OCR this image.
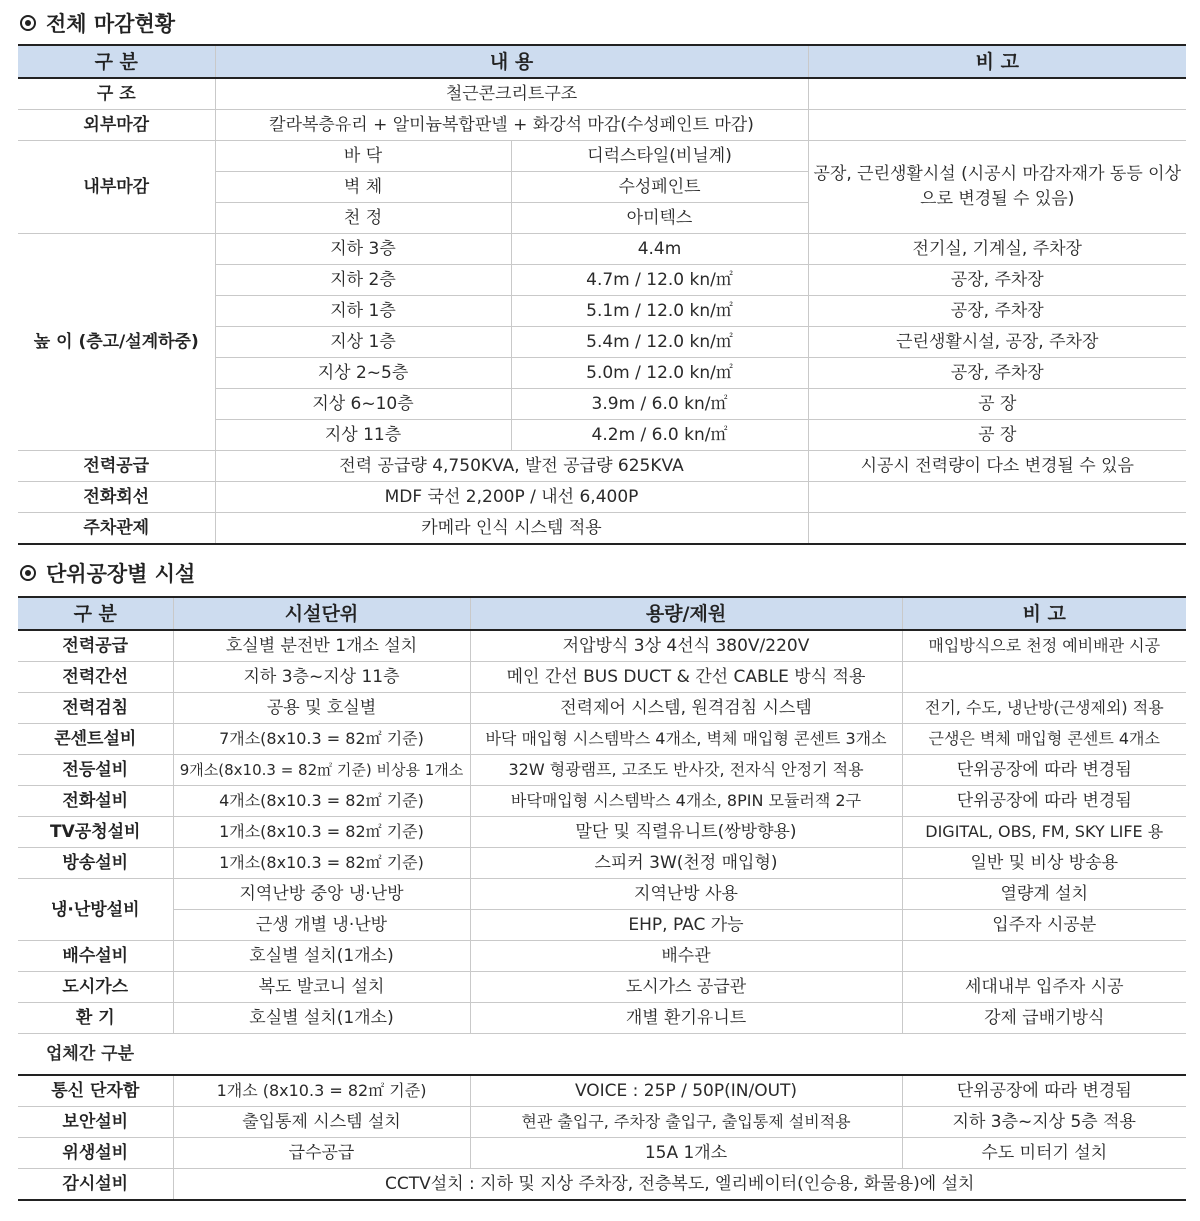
전체 마감현황
구 분	내 용		비 고
구 조	철근콘크리트구조		
외부마감	칼라복층유리 + 알미늄복합판넬 + 화강석 마감(수성페인트 마감)		
내부마감	바 닥	디럭스타일(비닐계)	공장, 근린생활시설 (시공시 마감자재가 동등 이상으로 변경될 수 있음)
	벽 체	수성페인트	
	천 정	아미텍스	
높 이 (층고/설계하중)	지하 3층	4.4m	전기실, 기계실, 주차장
	지하 2층	4.7m / 12.0 kn/㎡	공장, 주차장
	지하 1층	5.1m / 12.0 kn/㎡	공장, 주차장
	지상 1층	5.4m / 12.0 kn/㎡	근린생활시설, 공장, 주차장
	지상 2~5층	5.0m / 12.0 kn/㎡	공장, 주차장
	지상 6~10층	3.9m / 6.0 kn/㎡	공 장
	지상 11층	4.2m / 6.0 kn/㎡	공 장
전력공급	전력 공급량 4,750KVA, 발전 공급량 625KVA		시공시 전력량이 다소 변경될 수 있음
전화회선	MDF 국선 2,200P / 내선 6,400P		
주차관제	카메라 인식 시스템 적용		
단위공장별 시설
구 분	시설단위	용량/제원	비 고
전력공급	호실별 분전반 1개소 설치	저압방식 3상 4선식 380V/220V	매입방식으로 천정 예비배관 시공
전력간선	지하 3층~지상 11층	메인 간선 BUS DUCT & 간선 CABLE 방식 적용	
전력검침	공용 및 호실별	전력제어 시스템, 원격검침 시스템	전기, 수도, 냉난방(근생제외) 적용
콘센트설비	7개소(8x10.3 = 82㎡ 기준)	바닥 매입형 시스템박스 4개소, 벽체 매입형 콘센트 3개소	근생은 벽체 매입형 콘센트 4개소
전등설비	9개소(8x10.3 = 82㎡ 기준) 비상용 1개소	32W 형광램프, 고조도 반사갓, 전자식 안정기 적용	단위공장에 따라 변경됨
전화설비	4개소(8x10.3 = 82㎡ 기준)	바닥매입형 시스템박스 4개소, 8PIN 모듈러잭 2구	단위공장에 따라 변경됨
TV공청설비	1개소(8x10.3 = 82㎡ 기준)	말단 및 직렬유니트(쌍방향용)	DIGITAL, OBS, FM, SKY LIFE 용
방송설비	1개소(8x10.3 = 82㎡ 기준)	스피커 3W(천정 매입형)	일반 및 비상 방송용
냉·난방설비	지역난방 중앙 냉·난방	지역난방 사용	열량계 설치
	근생 개별 냉·난방	EHP, PAC 가능	입주자 시공분
배수설비	호실별 설치(1개소)	배수관	
도시가스	복도 발코니 설치	도시가스 공급관	세대내부 입주자 시공
환 기	호실별 설치(1개소)	개별 환기유니트	강제 급배기방식
업체간 구분			
통신 단자함	1개소 (8x10.3 = 82㎡ 기준)	VOICE : 25P / 50P(IN/OUT)	단위공장에 따라 변경됨
보안설비	출입통제 시스템 설치	현관 출입구, 주차장 출입구, 출입통제 설비적용	지하 3층~지상 5층 적용
위생설비	급수공급	15A 1개소	수도 미터기 설치
감시설비	CCTV설치 : 지하 및 지상 주차장, 전층복도, 엘리베이터(인승용, 화물용)에 설치		
